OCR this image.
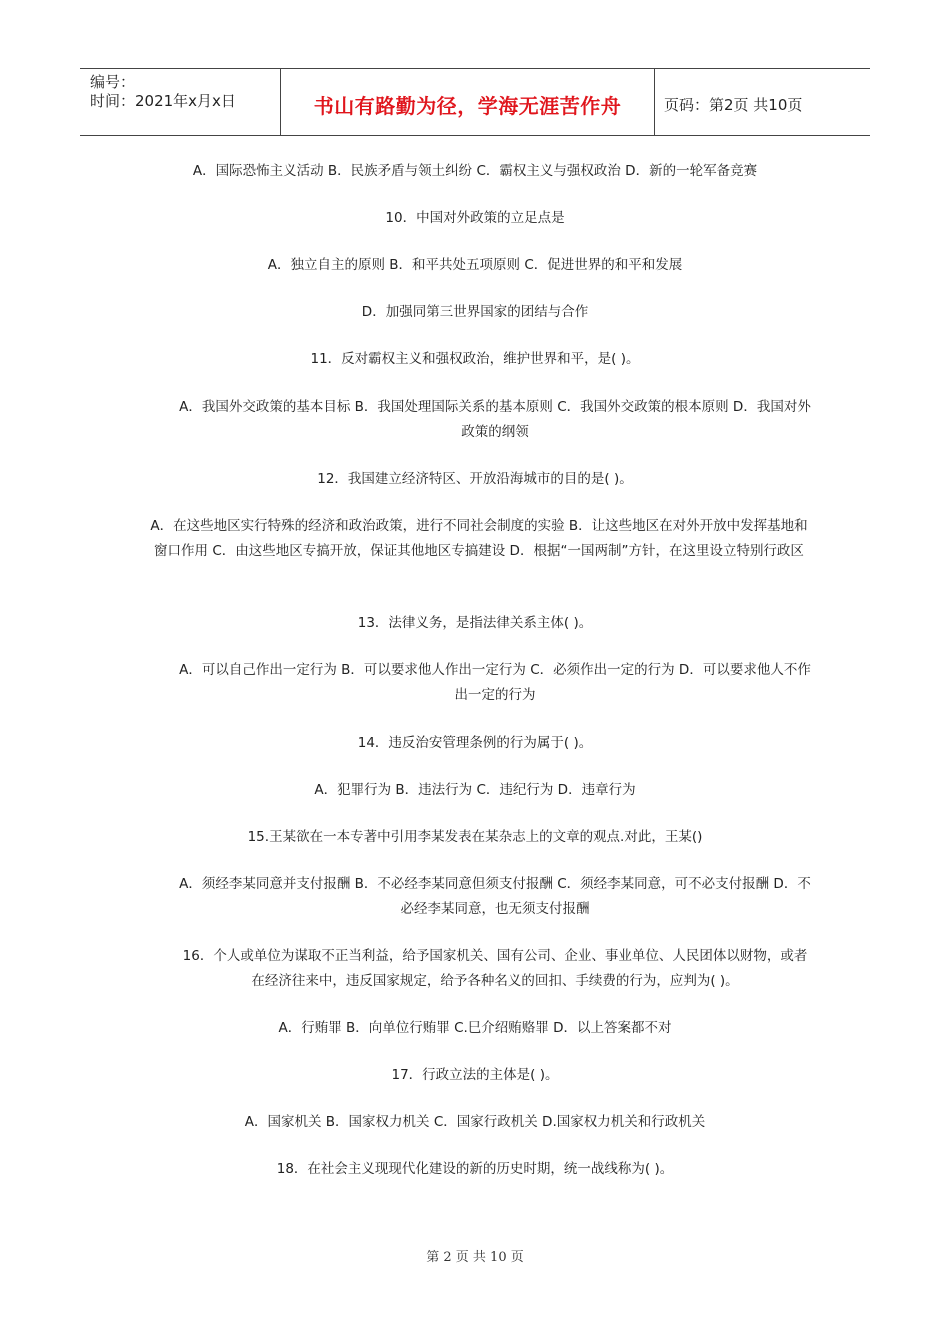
编号：
时间：2021年x月x日	书山有路勤为径，学海无涯苦作舟	页码：第2页 共10页
A．国际恐怖主义活动 B．民族矛盾与领土纠纷 C．霸权主义与强权政治 D．新的一轮军备竞赛
10．中国对外政策的立足点是
A．独立自主的原则 B．和平共处五项原则 C．促进世界的和平和发展
D．加强同第三世界国家的团结与合作
11．反对霸权主义和强权政治，维护世界和平，是( )。
A．我国外交政策的基本目标 B．我国处理国际关系的基本原则 C．我国外交政策的根本原则 D．我国对外政策的纲领
12．我国建立经济特区、开放沿海城市的目的是( )。
A．在这些地区实行特殊的经济和政治政策，进行不同社会制度的实验 B．让这些地区在对外开放中发挥基地和窗口作用 C．由这些地区专搞开放，保证其他地区专搞建设 D．根据“一国两制”方针，在这里设立特别行政区
13．法律义务，是指法律关系主体( )。
A．可以自己作出一定行为 B．可以要求他人作出一定行为 C．必须作出一定的行为 D．可以要求他人不作出一定的行为
14．违反治安管理条例的行为属于( )。
A．犯罪行为 B．违法行为 C．违纪行为 D．违章行为
15.王某欲在一本专著中引用李某发表在某杂志上的文章的观点.对此，王某()
A．须经李某同意并支付报酬 B．不必经李某同意但须支付报酬 C．须经李某同意，可不必支付报酬 D．不必经李某同意，也无须支付报酬
16．个人或单位为谋取不正当利益，给予国家机关、国有公司、企业、事业单位、人民团体以财物，或者在经济往来中，违反国家规定，给予各种名义的回扣、手续费的行为，应判为( )。
A．行贿罪 B．向单位行贿罪 C.巳介绍贿赂罪 D．以上答案都不对
17．行政立法的主体是( )。
A．国家机关 B．国家权力机关 C．国家行政机关 D.国家权力机关和行政机关
18．在社会主义现现代化建设的新的历史时期，统一战线称为( )。
第 2 页 共 10 页
